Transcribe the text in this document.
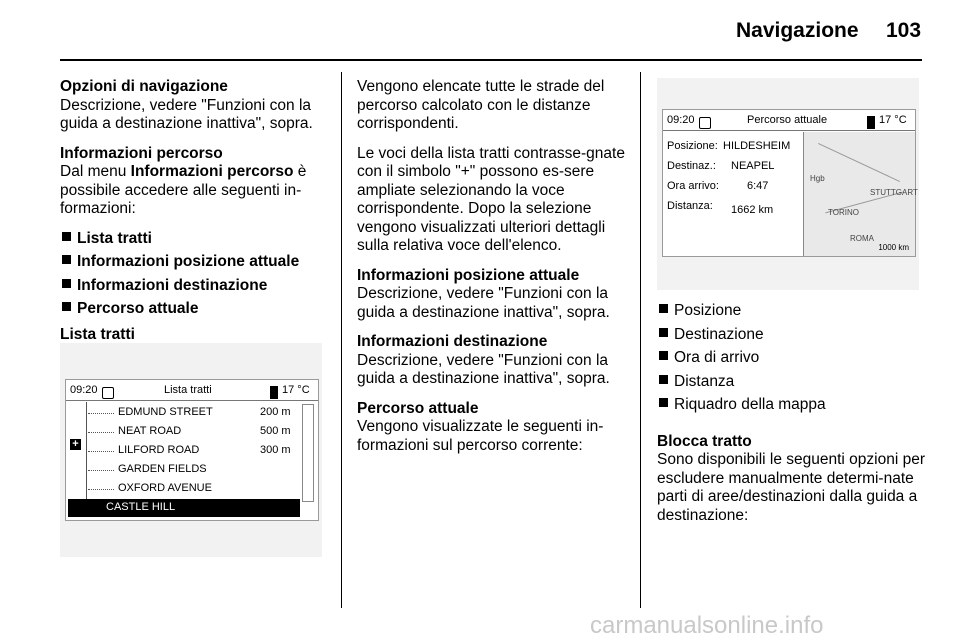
Navigazione 103

Opzioni di navigazione
Descrizione, vedere "Funzioni con la guida a destinazione inattiva", sopra.

Informazioni percorso
Dal menu Informazioni percorso è possibile accedere alle seguenti in-formazioni:

Lista tratti
Informazioni posizione attuale
Informazioni destinazione
Percorso attuale
Lista tratti
09:20	Lista tratti	17 °C
+
EDMUND STREET	200 m
NEAT ROAD	500 m
LILFORD ROAD	300 m
GARDEN FIELDS
OXFORD AVENUE
CASTLE HILL

Vengono elencate tutte le strade del percorso calcolato con le distanze corrispondenti.

Le voci della lista tratti contrasse-gnate con il simbolo "+" possono es-sere ampliate selezionando la voce corrispondente. Dopo la selezione vengono visualizzati ulteriori dettagli sulla relativa voce dell'elenco.

Informazioni posizione attuale
Descrizione, vedere "Funzioni con la guida a destinazione inattiva", sopra.

Informazioni destinazione
Descrizione, vedere "Funzioni con la guida a destinazione inattiva", sopra.

Percorso attuale
Vengono visualizzate le seguenti in-formazioni sul percorso corrente:

09:20	Percorso attuale	17 °C
Posizione: HILDESHEIM
Destinaz.: NEAPEL
Ora arrivo:	6:47
Distanza: 1662 km
Hgb
STUTTGART
TORINO
ROMA
1000 km
Posizione
Destinazione
Ora di arrivo
Distanza
Riquadro della mappa

Blocca tratto
Sono disponibili le seguenti opzioni per escludere manualmente determi-nate parti di aree/destinazioni dalla guida a destinazione:

carmanualsonline.info
